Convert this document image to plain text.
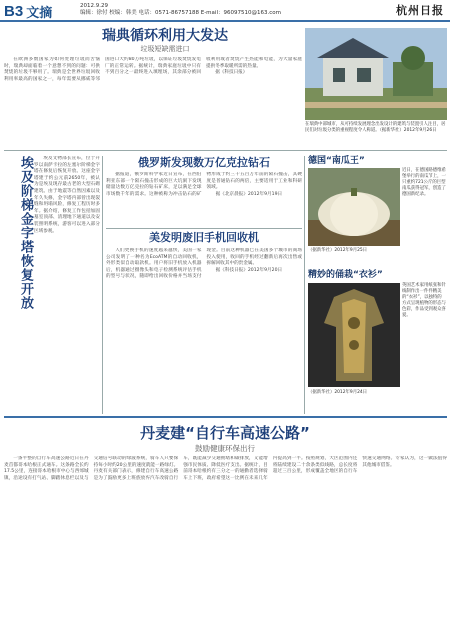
B3 文摘	2012.9.29
编辑：徐付 校编：韩美 电话：0571-86757188 E-mail：96097510@163.com	杭州日报
瑞典循环利用大发达
垃圾短缺需进口

在欧洲多数国家为如何处理垃圾而苦恼时，瑞典却面临着一个意想不到的问题：可供焚烧的垃圾不够用了。瑞典是全世界垃圾回收利用率最高的国家之一，每年需要从挪威等邻国进口大约80万吨垃圾，以保证垃圾焚烧发电厂的正常运转。据统计，瑞典家庭垃圾中只有不到百分之一最终进入填埋场，其余部分被回收利用或者焚烧产生热能和电能，为大量家庭提供冬季取暖所需的热量。

据《科技日报》

在瑞典中部城市，从可持续发展理念出发设计的建筑与装置引人注目，居民们对垃圾分类的重视程度令人称道。（据新华社）2012年9月26日
埃及阶梯金字塔恢复开放	埃及文物部长宣布，位于开罗以南萨卡拉的左塞尔阶梯金字塔在修复后恢复开放。这座金字塔建于约公元前2650年，被认为是埃及现存最古老的大型石砌建筑。由于地震等自然因素以及年久失修，金字塔内部曾出现裂缝和坍塌风险，修复工程历时多年。据介绍，修复工作包括加固墓室顶部、清理地下通道以及安装照明系统，游客可以进入部分区域参观。

俄罗斯发现数万亿克拉钻石

据报道，俄罗斯科学家近日宣布，在西伯利亚东部一个陨石撞击形成的巨大坑洞下发现储量达数万亿克拉的钻石矿床，足以满足全球市场数千年的需求。这种被称为冲击钻石的矿物形成于约三千五百万年前的陨石撞击，其硬度是普通钻石的两倍，主要适用于工业和科研领域。

据《北京晨报》2012年9月19日

美发明废旧手机回收机

人们更换手机的速度越来越快，美国一家公司发明了一种名为EcoATM的自动回收机，外形类似自动取款机。用户将旧手机放入机器后，机器通过摄像头和电子检测系统评估手机的型号与状况，随即给出回收价格并当场支付现金。目前这种机器已在美国多个城市的商场投入使用，收回的手机经过翻新后再次出售或拆解回收其中的贵金属。

据《科技日报》2012年9月20日

德国“南瓜王”
近日，在德国路德维希堡举行的南瓜节上，一只重约721公斤的巨型南瓜获得冠军，创造了德国新纪录。
（据新华社）2012年9月25日
精妙的俑栽“衣衫”
英国艺术家用纸张和针线制作出一件件精美的“衣衫”，以独特的方式呈现植物的形态与色彩，作品受到观众喜爱。
（据新华社）2012年9月24日
丹麦建“自行车高速公路”
鼓励健康环保出行

一条平整的自行车高速公路近日在丹麦首都哥本哈根正式通车。这条路全长约17.5公里，连接哥本哈根市中心与西郊城镇，沿途设有打气站、脚踏休息栏以及与交通信号联动的绿波系统，骑车人只要保持每小时约20公里的速度就能一路绿灯。丹麦有关部门表示，修建自行车高速公路是为了鼓励更多上班族放弃汽车改骑自行车，既能减少交通拥堵和碳排放，又能增强市民体质、降低医疗支出。据统计，目前哥本哈根约有三分之一的通勤者选择骑车上下班，政府希望这一比例在未来几年内提高到一半。按照规划，大区范围内还将陆续建设二十余条类似线路，总长度将超过三百公里，形成覆盖全地区的自行车快速交通网络。专家认为，这一做法值得其他城市借鉴。
